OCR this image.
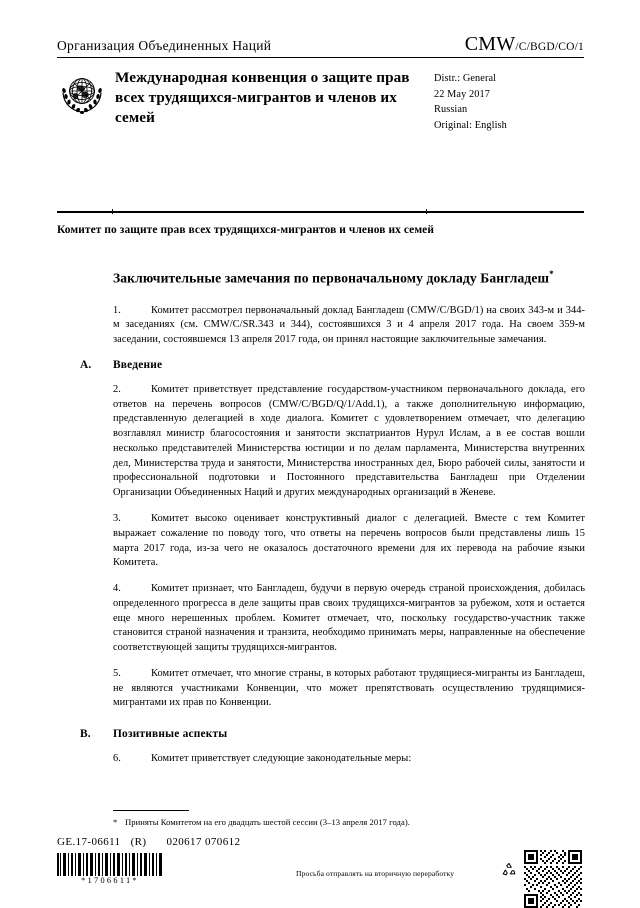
Организация Объединенных Наций	CMW/C/BGD/CO/1
Международная конвенция о защите прав всех трудящихся-мигрантов и членов их семей
Distr.: General
22 May 2017
Russian
Original: English
Комитет по защите прав всех трудящихся-мигрантов и членов их семей
Заключительные замечания по первоначальному докладу Бангладеш*

1.	Комитет рассмотрел первоначальный доклад Бангладеш (CMW/C/BGD/1) на своих 343-м и 344-м заседаниях (см. CMW/C/SR.343 и 344), состоявшихся 3 и 4 апреля 2017 года. На своем 359-м заседании, состоявшемся 13 апреля 2017 года, он принял настоящие заключительные замечания.

A. Введение

2.	Комитет приветствует представление государством-участником первоначального доклада, его ответов на перечень вопросов (CMW/C/BGD/Q/1/Add.1), а также дополнительную информацию, представленную делегацией в ходе диалога. Комитет с удовлетворением отмечает, что делегацию возглавлял министр благосостояния и занятости экспатриантов Нурул Ислам, а в ее состав вошли несколько представителей Министерства юстиции и по делам парламента, Министерства внутренних дел, Министерства труда и занятости, Министерства иностранных дел, Бюро рабочей силы, занятости и профессиональной подготовки и Постоянного представительства Бангладеш при Отделении Организации Объединенных Наций и других международных организаций в Женеве.

3.	Комитет высоко оценивает конструктивный диалог с делегацией. Вместе с тем Комитет выражает сожаление по поводу того, что ответы на перечень вопросов были представлены лишь 15 марта 2017 года, из-за чего не оказалось достаточного времени для их перевода на рабочие языки Комитета.

4.	Комитет признает, что Бангладеш, будучи в первую очередь страной происхождения, добилась определенного прогресса в деле защиты прав своих трудящихся-мигрантов за рубежом, хотя и остается еще много нерешенных проблем. Комитет отмечает, что, поскольку государство-участник также становится страной назначения и транзита, необходимо принимать меры, направленные на обеспечение соответствующей защиты трудящихся-мигрантов.

5.	Комитет отмечает, что многие страны, в которых работают трудящиеся-мигранты из Бангладеш, не являются участниками Конвенции, что может препятствовать осуществлению трудящимися-мигрантами их прав по Конвенции.

B. Позитивные аспекты

6.	Комитет приветствует следующие законодательные меры:

* Приняты Комитетом на его двадцать шестой сессии (3–13 апреля 2017 года).
GE.17-06611 (R) 020617 070612
*1706611*
Просьба отправлять на вторичную переработку
